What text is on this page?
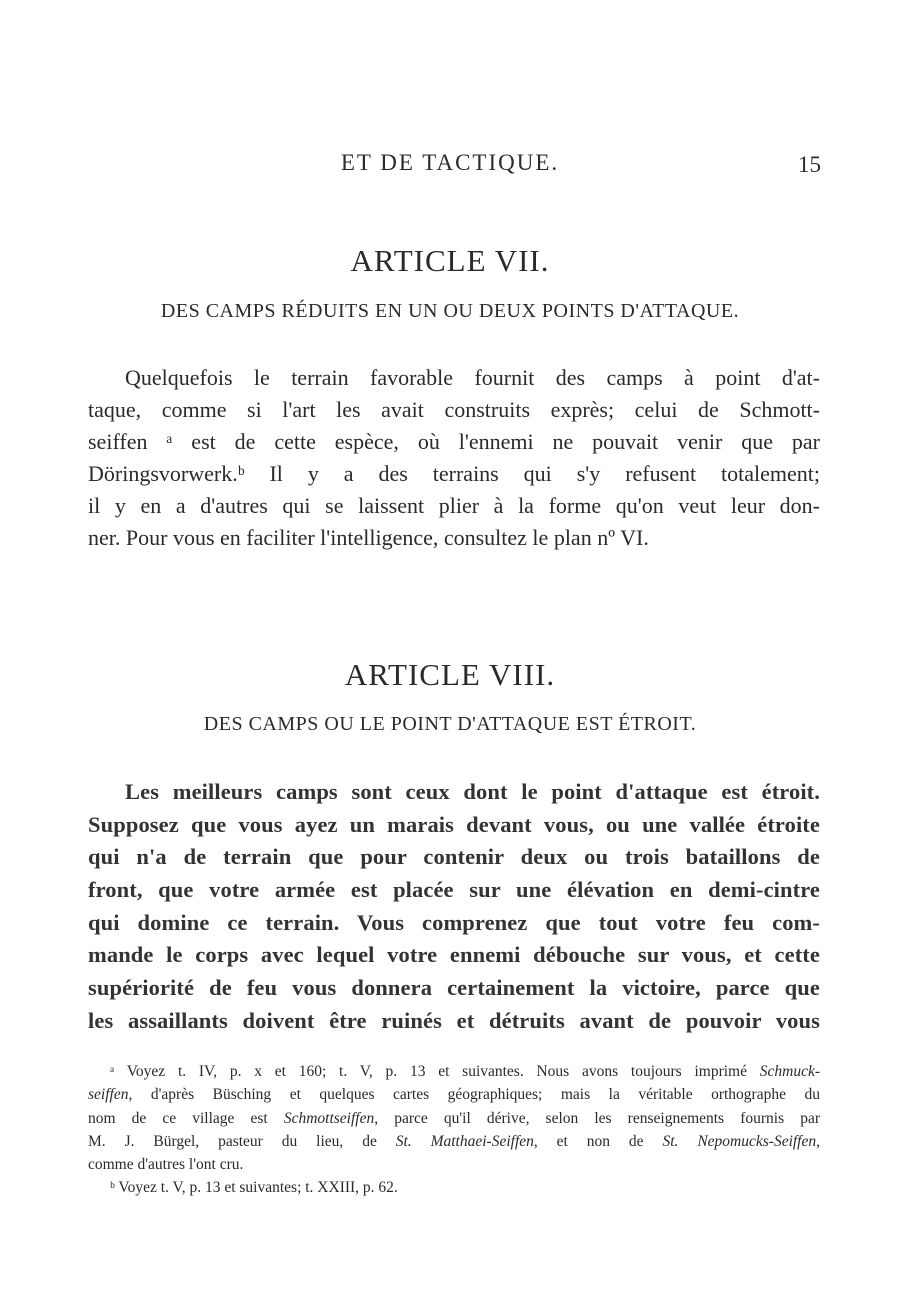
ET DE TACTIQUE.	15
ARTICLE VII.
DES CAMPS RÉDUITS EN UN OU DEUX POINTS D'ATTAQUE.
Quelquefois le terrain favorable fournit des camps à point d'at-
taque, comme si l'art les avait construits exprès; celui de Schmott-
seiffen ᵃ est de cette espèce, où l'ennemi ne pouvait venir que par
Döringsvorwerk.ᵇ Il y a des terrains qui s'y refusent totalement;
il y en a d'autres qui se laissent plier à la forme qu'on veut leur don-
ner. Pour vous en faciliter l'intelligence, consultez le plan nº VI.
ARTICLE VIII.
DES CAMPS OU LE POINT D'ATTAQUE EST ÉTROIT.
Les meilleurs camps sont ceux dont le point d'attaque est étroit.
Supposez que vous ayez un marais devant vous, ou une vallée étroite
qui n'a de terrain que pour contenir deux ou trois bataillons de
front, que votre armée est placée sur une élévation en demi-cintre
qui domine ce terrain. Vous comprenez que tout votre feu com-
mande le corps avec lequel votre ennemi débouche sur vous, et cette
supériorité de feu vous donnera certainement la victoire, parce que
les assaillants doivent être ruinés et détruits avant de pouvoir vous
ᵃ Voyez t. IV, p. x et 160; t. V, p. 13 et suivantes. Nous avons toujours imprimé Schmuck-
seiffen, d'après Büsching et quelques cartes géographiques; mais la véritable orthographe du
nom de ce village est Schmottseiffen, parce qu'il dérive, selon les renseignements fournis par
M. J. Bürgel, pasteur du lieu, de St. Matthaei-Seiffen, et non de St. Nepomucks-Seiffen,
comme d'autres l'ont cru.
ᵇ Voyez t. V, p. 13 et suivantes; t. XXIII, p. 62.
